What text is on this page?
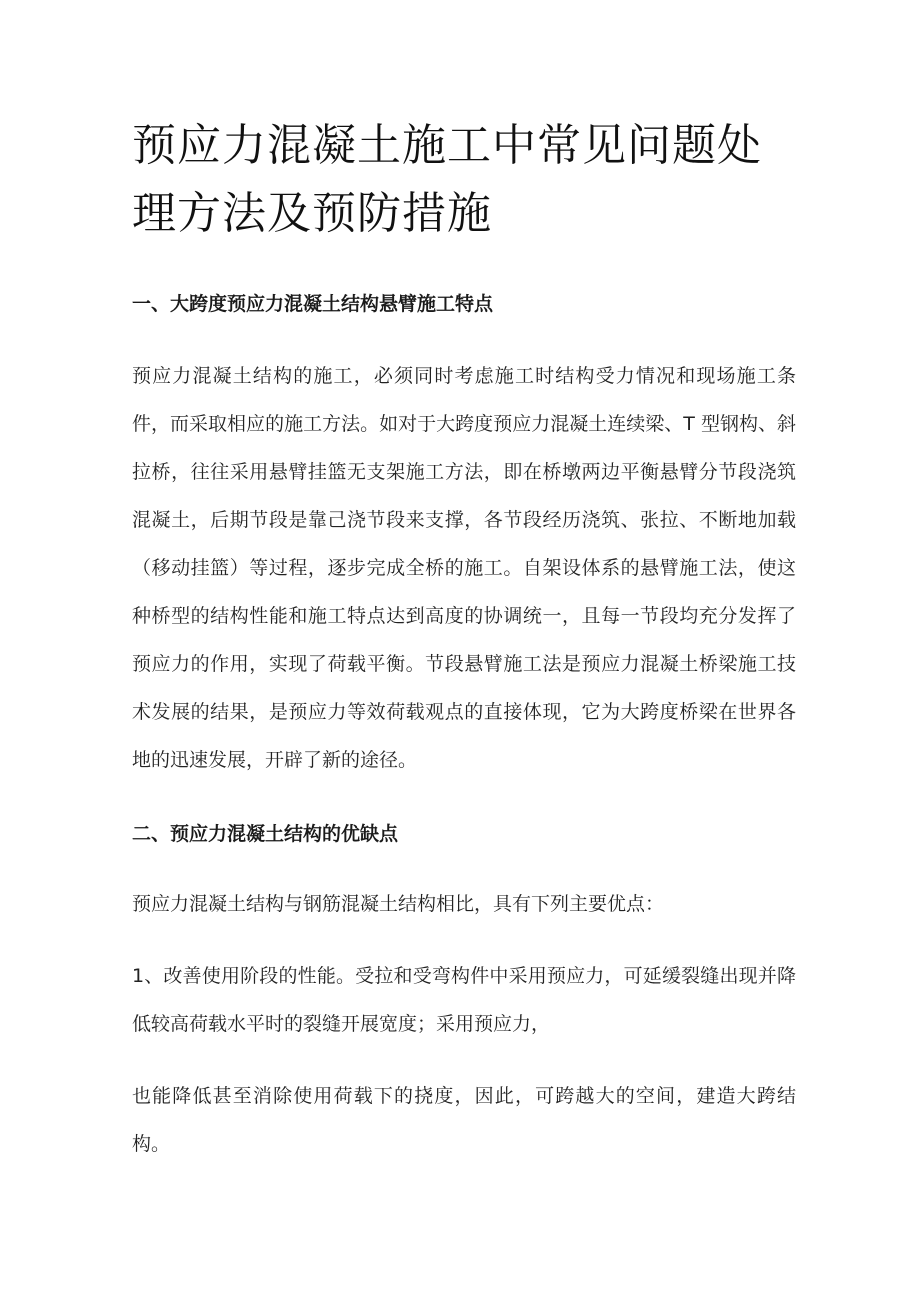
预应力混凝土施工中常见问题处理方法及预防措施
一、大跨度预应力混凝土结构悬臂施工特点

预应力混凝土结构的施工，必须同时考虑施工时结构受力情况和现场施工条件，而采取相应的施工方法。如对于大跨度预应力混凝土连续梁、T 型钢构、斜拉桥，往往采用悬臂挂篮无支架施工方法，即在桥墩两边平衡悬臂分节段浇筑混凝土，后期节段是靠己浇节段来支撑，各节段经历浇筑、张拉、不断地加载（移动挂篮）等过程，逐步完成全桥的施工。自架设体系的悬臂施工法，使这种桥型的结构性能和施工特点达到高度的协调统一，且每一节段均充分发挥了预应力的作用，实现了荷载平衡。节段悬臂施工法是预应力混凝土桥梁施工技术发展的结果，是预应力等效荷载观点的直接体现，它为大跨度桥梁在世界各地的迅速发展，开辟了新的途径。

二、预应力混凝土结构的优缺点

预应力混凝土结构与钢筋混凝土结构相比，具有下列主要优点：

1、改善使用阶段的性能。受拉和受弯构件中采用预应力，可延缓裂缝出现并降低较高荷载水平时的裂缝开展宽度；采用预应力，

也能降低甚至消除使用荷载下的挠度，因此，可跨越大的空间，建造大跨结构。
